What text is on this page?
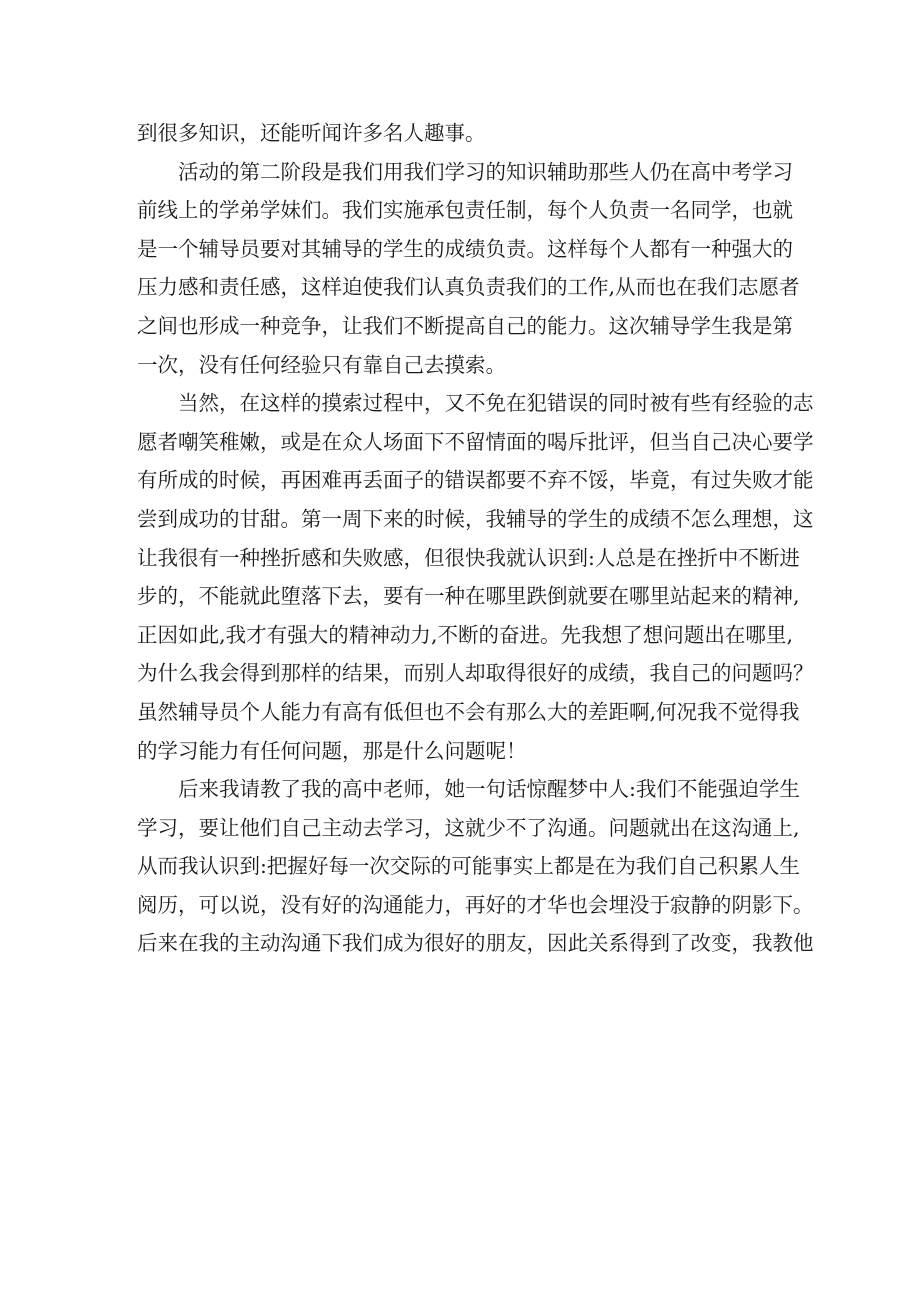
到很多知识，还能听闻许多名人趣事。
活动的第二阶段是我们用我们学习的知识辅助那些人仍在高中考学习
前线上的学弟学妹们。我们实施承包责任制，每个人负责一名同学，也就
是一个辅导员要对其辅导的学生的成绩负责。这样每个人都有一种强大的
压力感和责任感，这样迫使我们认真负责我们的工作,从而也在我们志愿者
之间也形成一种竞争，让我们不断提高自己的能力。这次辅导学生我是第
一次，没有任何经验只有靠自己去摸索。
当然，在这样的摸索过程中，又不免在犯错误的同时被有些有经验的志
愿者嘲笑稚嫩，或是在众人场面下不留情面的喝斥批评，但当自己决心要学
有所成的时候，再困难再丢面子的错误都要不弃不馁，毕竟，有过失败才能
尝到成功的甘甜。第一周下来的时候，我辅导的学生的成绩不怎么理想，这
让我很有一种挫折感和失败感，但很快我就认识到:人总是在挫折中不断进
步的，不能就此堕落下去，要有一种在哪里跌倒就要在哪里站起来的精神,
正因如此,我才有强大的精神动力,不断的奋进。先我想了想问题出在哪里,
为什么我会得到那样的结果，而别人却取得很好的成绩，我自己的问题吗？
虽然辅导员个人能力有高有低但也不会有那么大的差距啊,何况我不觉得我
的学习能力有任何问题，那是什么问题呢！
后来我请教了我的高中老师，她一句话惊醒梦中人:我们不能强迫学生
学习，要让他们自己主动去学习，这就少不了沟通。问题就出在这沟通上,
从而我认识到:把握好每一次交际的可能事实上都是在为我们自己积累人生
阅历，可以说，没有好的沟通能力，再好的才华也会埋没于寂静的阴影下。
后来在我的主动沟通下我们成为很好的朋友，因此关系得到了改变，我教他
